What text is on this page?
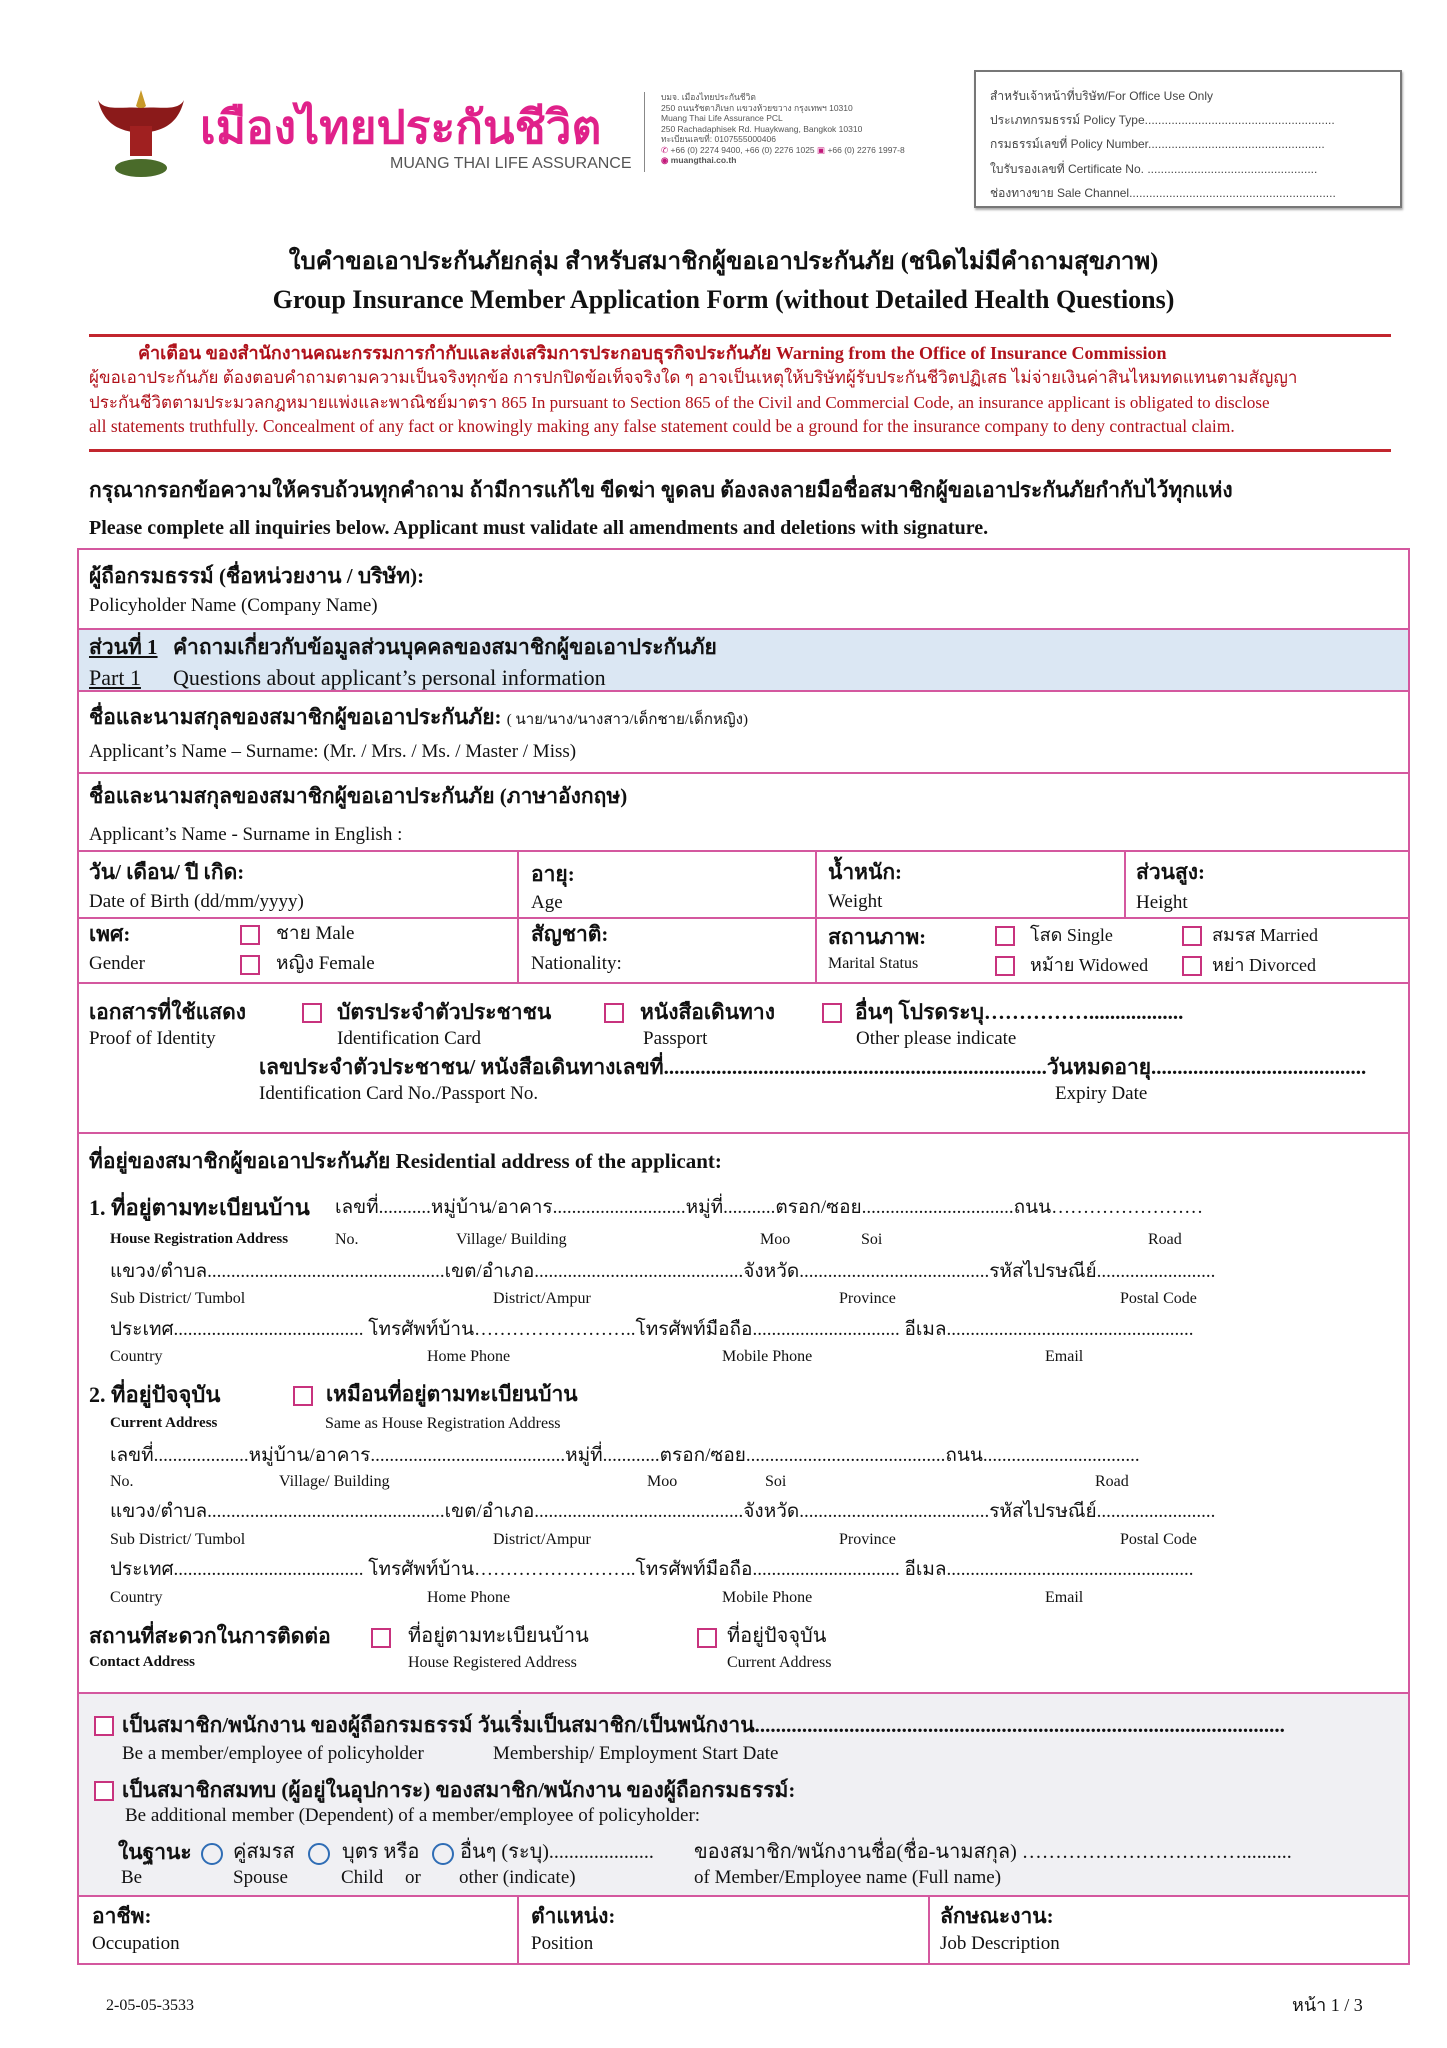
เมืองไทยประกันชีวิต
MUANG THAI LIFE ASSURANCE
บมจ. เมืองไทยประกันชีวิต
250 ถนนรัชดาภิเษก แขวงห้วยขวาง กรุงเทพฯ 10310
Muang Thai Life Assurance PCL
250 Rachadaphisek Rd. Huaykwang, Bangkok 10310
ทะเบียนเลขที่: 0107555000406
✆ +66 (0) 2274 9400, +66 (0) 2276 1025 ▣ +66 (0) 2276 1997-8
◉ muangthai.co.th
สำหรับเจ้าหน้าที่บริษัท/For Office Use Only
ประเภทกรมธรรม์ Policy Type.........................................................
กรมธรรม์เลขที่ Policy Number.....................................................
ใบรับรองเลขที่ Certificate No. ...................................................
ช่องทางขาย Sale Channel..............................................................
ใบคำขอเอาประกันภัยกลุ่ม สำหรับสมาชิกผู้ขอเอาประกันภัย (ชนิดไม่มีคำถามสุขภาพ)
Group Insurance Member Application Form (without Detailed Health Questions)
คำเตือน ของสำนักงานคณะกรรมการกำกับและส่งเสริมการประกอบธุรกิจประกันภัย Warning from the Office of Insurance Commission
ผู้ขอเอาประกันภัย ต้องตอบคำถามตามความเป็นจริงทุกข้อ การปกปิดข้อเท็จจริงใด ๆ อาจเป็นเหตุให้บริษัทผู้รับประกันชีวิตปฏิเสธ ไม่จ่ายเงินค่าสินไหมทดแทนตามสัญญา
ประกันชีวิตตามประมวลกฎหมายแพ่งและพาณิชย์มาตรา 865 In pursuant to Section 865 of the Civil and Commercial Code, an insurance applicant is obligated to disclose
all statements truthfully. Concealment of any fact or knowingly making any false statement could be a ground for the insurance company to deny contractual claim.
กรุณากรอกข้อความให้ครบถ้วนทุกคำถาม ถ้ามีการแก้ไข ขีดฆ่า ขูดลบ ต้องลงลายมือชื่อสมาชิกผู้ขอเอาประกันภัยกำกับไว้ทุกแห่ง
Please complete all inquiries below. Applicant must validate all amendments and deletions with signature.
ผู้ถือกรมธรรม์ (ชื่อหน่วยงาน / บริษัท):
Policyholder Name (Company Name)
ส่วนที่ 1 คำถามเกี่ยวกับข้อมูลส่วนบุคคลของสมาชิกผู้ขอเอาประกันภัย
Part 1 Questions about applicant’s personal information
ชื่อและนามสกุลของสมาชิกผู้ขอเอาประกันภัย: ( นาย/นาง/นางสาว/เด็กชาย/เด็กหญิง)
Applicant’s Name – Surname: (Mr. / Mrs. / Ms. / Master / Miss)
ชื่อและนามสกุลของสมาชิกผู้ขอเอาประกันภัย (ภาษาอังกฤษ)
Applicant’s Name - Surname in English :
วัน/ เดือน/ ปี เกิด:
Date of Birth (dd/mm/yyyy)
อายุ:
Age
น้ำหนัก:
Weight
ส่วนสูง:
Height
เพศ:
Gender
ชาย Male
หญิง Female
สัญชาติ:
Nationality:
สถานภาพ:
Marital Status
โสด Single	สมรส Married
หม้าย Widowed	หย่า Divorced
เอกสารที่ใช้แสดง
Proof of Identity
บัตรประจำตัวประชาชน
Identification Card
หนังสือเดินทาง
Passport
อื่นๆ โปรดระบุ……………..................
Other please indicate
เลขประจำตัวประชาชน/ หนังสือเดินทางเลขที่.........................................................................วันหมดอายุ.........................................
Identification Card No./Passport No.	Expiry Date
ที่อยู่ของสมาชิกผู้ขอเอาประกันภัย Residential address of the applicant:
1. ที่อยู่ตามทะเบียนบ้าน เลขที่...........หมู่บ้าน/อาคาร............................หมู่ที่...........ตรอก/ซอย................................ถนน……………………
House Registration Address	No.	Village/ Building	Moo	Soi	Road
แขวง/ตำบล..................................................เขต/อำเภอ............................................จังหวัด........................................รหัสไปรษณีย์.........................
Sub District/ Tumbol	District/Ampur	Province	Postal Code
ประเทศ........................................ โทรศัพท์บ้าน……………………..โทรศัพท์มือถือ............................... อีเมล....................................................
Country	Home Phone	Mobile Phone	Email
2. ที่อยู่ปัจจุบัน	เหมือนที่อยู่ตามทะเบียนบ้าน
Current Address	Same as House Registration Address
เลขที่....................หมู่บ้าน/อาคาร.........................................หมู่ที่............ตรอก/ซอย..........................................ถนน.................................
No.	Village/ Building	Moo	Soi	Road
แขวง/ตำบล..................................................เขต/อำเภอ............................................จังหวัด........................................รหัสไปรษณีย์.........................
Sub District/ Tumbol	District/Ampur	Province	Postal Code
ประเทศ........................................ โทรศัพท์บ้าน……………………..โทรศัพท์มือถือ............................... อีเมล....................................................
Country	Home Phone	Mobile Phone	Email
สถานที่สะดวกในการติดต่อ
Contact Address
ที่อยู่ตามทะเบียนบ้าน
House Registered Address
ที่อยู่ปัจจุบัน
Current Address
เป็นสมาชิก/พนักงาน ของผู้ถือกรมธรรม์ วันเริ่มเป็นสมาชิก/เป็นพนักงาน.....................................................................................................
Be a member/employee of policyholder	Membership/ Employment Start Date
เป็นสมาชิกสมทบ (ผู้อยู่ในอุปการะ) ของสมาชิก/พนักงาน ของผู้ถือกรมธรรม์:
Be additional member (Dependent) of a member/employee of policyholder:
ในฐานะ
Be
คู่สมรส
Spouse
บุตร หรือ
Child or
อื่นๆ (ระบุ).....................
other (indicate)
ของสมาชิก/พนักงานชื่อ(ชื่อ-นามสกุล) ……………………………..........
of Member/Employee name (Full name)
อาชีพ:
Occupation
ตำแหน่ง:
Position
ลักษณะงาน:
Job Description
2-05-05-3533	หน้า 1 / 3
